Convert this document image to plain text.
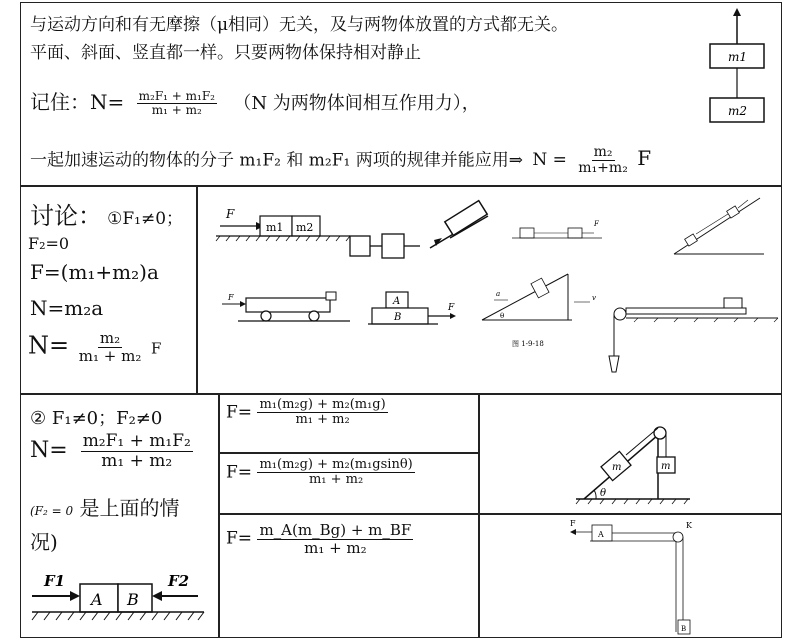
与运动方向和有无摩擦（μ相同）无关，及与两物体放置的方式都无关。
平面、斜面、竖直都一样。只要两物体保持相对静止
记住：$N= \frac{\text{m₂F₁ + m₁F₂}}{\text{m₁ + m₂}} (N$ 为两物体间相互作用力），
一起加速运动的物体的分子 m₁F₂ 和 m₂F₁ 两项的规律并能应用⇒ $N = \frac{\text{m₂}}{\text{m₁+m₂}}$ F
m1
m2
讨论： ①F₁≠0；
F₂=0
F=(m₁+m₂)a
N=m₂a
$N= \frac{\text{m₂}}{\text{m₁ + m₂}}$ F
F
m1 m2	F
F	A
B
F
a
θ
v
图 1-9-18
② F₁≠0；F₂≠0
$N= \frac{\text{m₂F₁ + m₁F₂}}{\text{m₁ + m₂}}$
(F₂ = 0 是上面的情
况)
F1
A B
F2
$F= \frac{\text{m₁(m₂g) + m₂(m₁g)}}{\text{m₁ + m₂}}$
$F= \frac{\text{m₁(m₂g) + m₂(m₁gsinθ)}}{\text{m₁ + m₂}}$
$F= \frac{m\_A(m\_Bg) + m\_BF}{\text{m₁ + m₂}}$
m	m
θ
F
A
K
B
